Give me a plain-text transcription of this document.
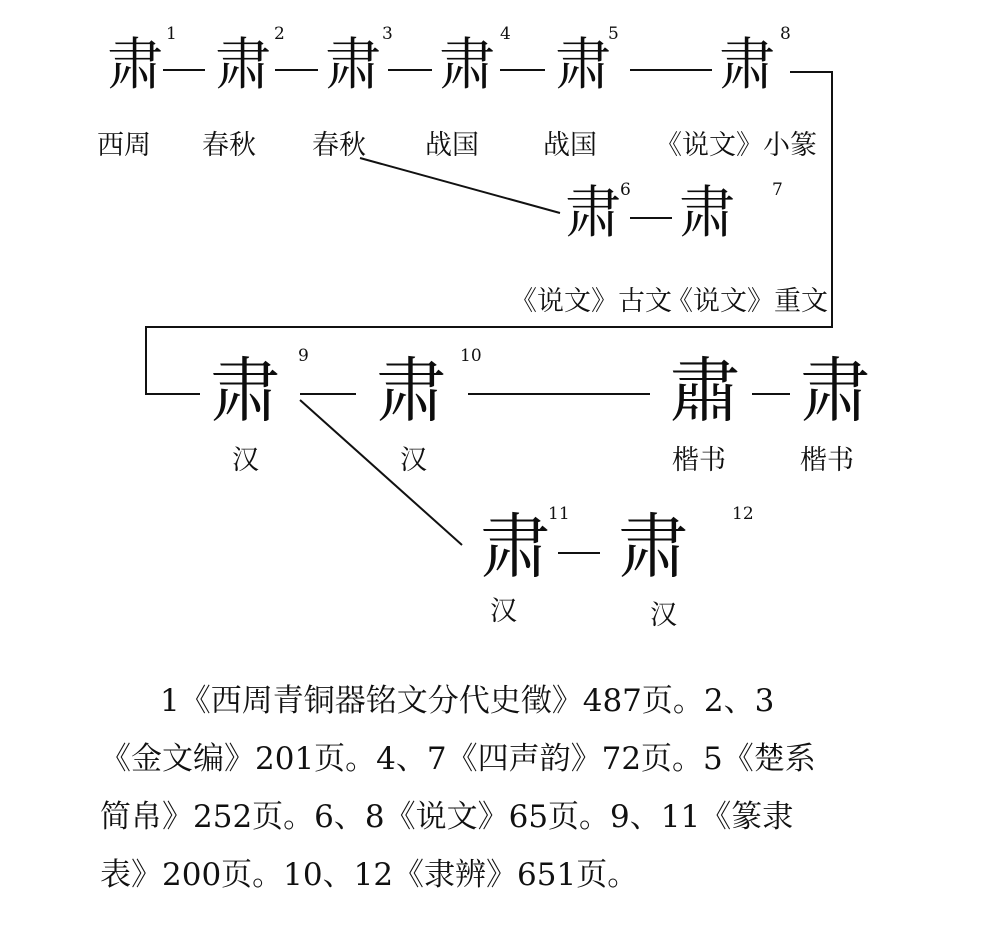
肃 1
西周
肃 2
春秋
肃 3
春秋
肃 4
战国
肃
5
战国
肃 8
《说文》小篆
肃 6
《说文》古文
肃	7
《说文》重文
肃	9
汉
肃 10
汉
肅
楷书
肃
楷书
肃
11
汉
肃	12
汉
1《西周青铜器铭文分代史徵》487页。2、3
《金文编》201页。4、7《四声韵》72页。5《楚系
简帛》252页。6、8《说文》65页。9、11《篆隶
表》200页。10、12《隶辨》651页。
